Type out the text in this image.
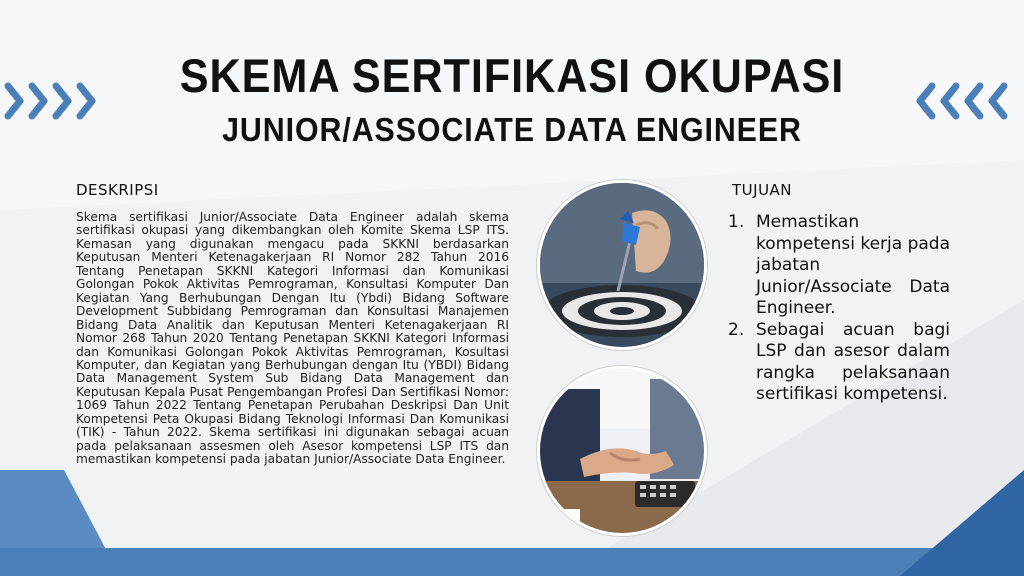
SKEMA SERTIFIKASI OKUPASI
JUNIOR/ASSOCIATE DATA ENGINEER
DESKRIPSI
Skema sertifikasi Junior/Associate Data Engineer adalah skema sertifikasi okupasi yang dikembangkan oleh Komite Skema LSP ITS. Kemasan yang digunakan mengacu pada SKKNI berdasarkan Keputusan Menteri Ketenagakerjaan RI Nomor 282 Tahun 2016 Tentang Penetapan SKKNI Kategori Informasi dan Komunikasi Golongan Pokok Aktivitas Pemrograman, Konsultasi Komputer Dan Kegiatan Yang Berhubungan Dengan Itu (Ybdi) Bidang Software Development Subbidang Pemrograman dan Konsultasi Manajemen Bidang Data Analitik dan Keputusan Menteri Ketenagakerjaan RI Nomor 268 Tahun 2020 Tentang Penetapan SKKNI Kategori Informasi dan Komunikasi Golongan Pokok Aktivitas Pemrograman, Kosultasi Komputer, dan Kegiatan yang Berhubungan dengan Itu (YBDI) Bidang Data Management System Sub Bidang Data Management dan Keputusan Kepala Pusat Pengembangan Profesi Dan Sertifikasi Nomor: 1069 Tahun 2022 Tentang Penetapan Perubahan Deskripsi Dan Unit Kompetensi Peta Okupasi Bidang Teknologi Informasi Dan Komunikasi (TIK) - Tahun 2022. Skema sertifikasi ini digunakan sebagai acuan pada pelaksanaan assesmen oleh Asesor kompetensi LSP ITS dan memastikan kompetensi pada jabatan Junior/Associate Data Engineer.
TUJUAN
1. Memastikan kompetensi kerja pada jabatan Junior/Associate Data Engineer.
2. Sebagai acuan bagi LSP dan asesor dalam rangka pelaksanaan sertifikasi kompetensi.
